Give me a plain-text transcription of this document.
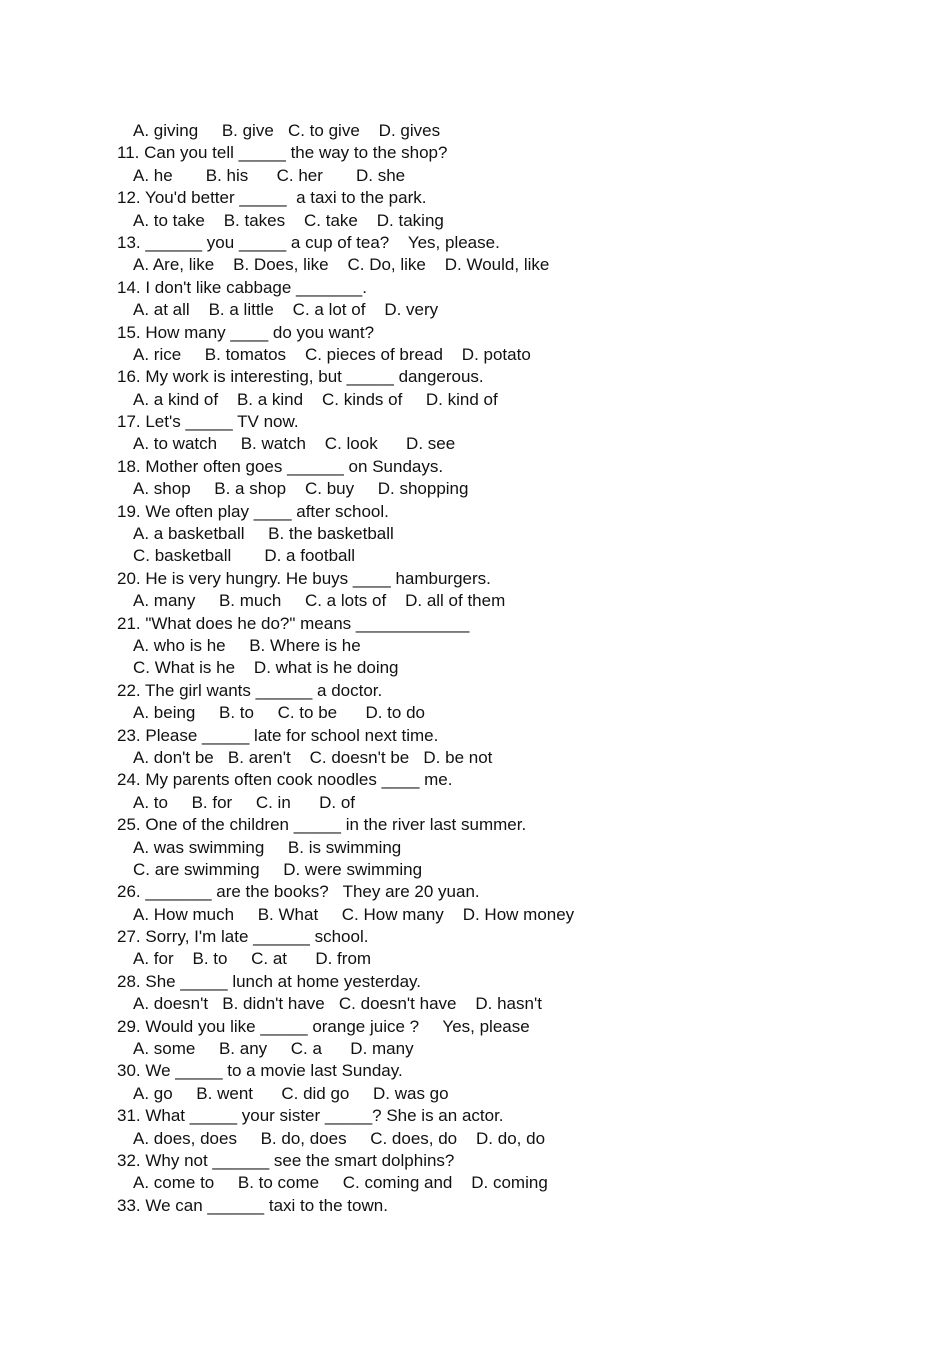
A. giving     B. give   C. to give    D. gives
11. Can you tell _____ the way to the shop?
A. he       B. his      C. her       D. she
12. You'd better _____  a taxi to the park.
A. to take    B. takes    C. take    D. taking
13. ______ you _____ a cup of tea?    Yes, please.
A. Are, like    B. Does, like    C. Do, like    D. Would, like
14. I don't like cabbage _______.
A. at all    B. a little    C. a lot of    D. very
15. How many ____ do you want?
A. rice     B. tomatos    C. pieces of bread    D. potato
16. My work is interesting, but _____ dangerous.
A. a kind of    B. a kind    C. kinds of     D. kind of
17. Let's _____ TV now.
A. to watch     B. watch    C. look      D. see
18. Mother often goes ______ on Sundays.
A. shop     B. a shop    C. buy     D. shopping
19. We often play ____ after school.
A. a basketball     B. the basketball
C. basketball       D. a football
20. He is very hungry. He buys ____ hamburgers.
A. many     B. much     C. a lots of    D. all of them
21. "What does he do?" means ____________
A. who is he     B. Where is he
C. What is he    D. what is he doing
22. The girl wants ______ a doctor.
A. being     B. to     C. to be      D. to do
23. Please _____ late for school next time.
A. don't be   B. aren't    C. doesn't be   D. be not
24. My parents often cook noodles ____ me.
A. to     B. for     C. in      D. of
25. One of the children _____ in the river last summer.
A. was swimming     B. is swimming
C. are swimming     D. were swimming
26. _______ are the books?   They are 20 yuan.
A. How much     B. What     C. How many    D. How money
27. Sorry, I'm late ______ school.
A. for    B. to     C. at      D. from
28. She _____ lunch at home yesterday.
A. doesn't   B. didn't have   C. doesn't have    D. hasn't
29. Would you like _____ orange juice ?     Yes, please
A. some     B. any     C. a      D. many
30. We _____ to a movie last Sunday.
A. go     B. went      C. did go     D. was go
31. What _____ your sister _____? She is an actor.
A. does, does     B. do, does     C. does, do    D. do, do
32. Why not ______ see the smart dolphins?
A. come to     B. to come     C. coming and    D. coming
33. We can ______ taxi to the town.
